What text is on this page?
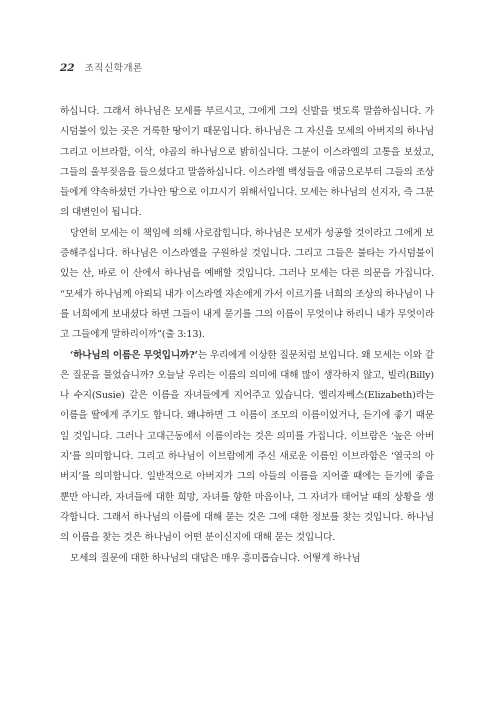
22 조직신학개론

하십니다. 그래서 하나님은 모세를 부르시고, 그에게 그의 신발을 벗도록 말씀하십니다. 가시덤불이 있는 곳은 거룩한 땅이기 때문입니다. 하나님은 그 자신을 모세의 아버지의 하나님 그리고 이브라함, 이삭, 야곱의 하나님으로 밝히십니다. 그분이 이스라엘의 고통을 보셨고, 그들의 울부짖음을 들으셨다고 말씀하십니다. 이스라엘 백성들을 애굽으로부터 그들의 조상들에게 약속하셨던 가나안 땅으로 이끄시기 위해서입니다. 모세는 하나님의 선지자, 즉 그분의 대변인이 됩니다.

당연히 모세는 이 책임에 의해 사로잡힙니다. 하나님은 모세가 성공할 것이라고 그에게 보증해주십니다. 하나님은 이스라엘을 구원하실 것입니다. 그리고 그들은 불타는 가시덤불이 있는 산, 바로 이 산에서 하나님을 예배할 것입니다. 그러나 모세는 다른 의문을 가집니다. “모세가 하나님께 아뢰되 내가 이스라엘 자손에게 가서 이르기를 너희의 조상의 하나님이 나를 너희에게 보내셨다 하면 그들이 내게 묻기를 그의 이름이 무엇이냐 하리니 내가 무엇이라고 그들에게 말하리이까”(출 3:13).

‘하나님의 이름은 무엇입니까?’는 우리에게 이상한 질문처럼 보입니다. 왜 모세는 이와 같은 질문을 물었습니까? 오늘날 우리는 이름의 의미에 대해 많이 생각하지 않고, 빌리(Billy)나 수지(Susie) 같은 이름을 자녀들에게 지어주고 있습니다. 엘리자베스(Elizabeth)라는 이름을 딸에게 주기도 합니다. 왜냐하면 그 이름이 조모의 이름이었거나, 듣기에 좋기 때문일 것입니다. 그러나 고대근동에서 이름이라는 것은 의미를 가집니다. 이브람은 ‘높은 아버지’를 의미합니다. 그리고 하나님이 이브람에게 주신 새로운 이름인 이브라함은 ‘열국의 아버지’를 의미합니다. 일반적으로 아버지가 그의 아들의 이름을 지어줄 때에는 듣기에 좋을 뿐만 아니라, 자녀들에 대한 희망, 자녀를 향한 마음이나, 그 자녀가 태어날 때의 상황을 생각합니다. 그래서 하나님의 이름에 대해 묻는 것은 그에 대한 정보를 찾는 것입니다. 하나님의 이름을 찾는 것은 하나님이 어떤 분이신지에 대해 묻는 것입니다.

모세의 질문에 대한 하나님의 대답은 매우 흥미롭습니다. 어떻게 하나님
